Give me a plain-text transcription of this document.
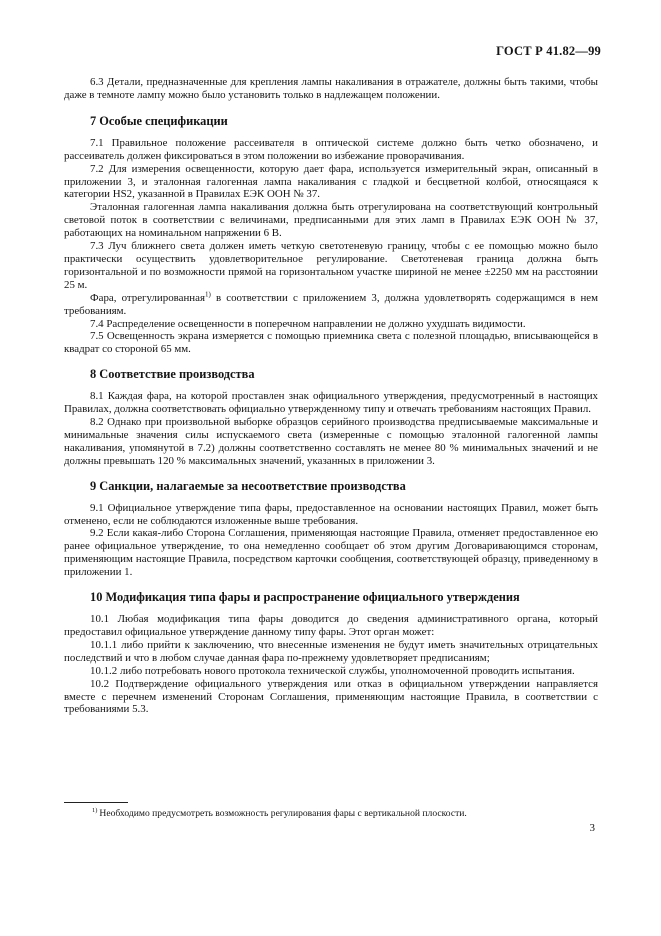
ГОСТ Р 41.82—99

6.3 Детали, предназначенные для крепления лампы накаливания в отражателе, должны быть такими, чтобы даже в темноте лампу можно было установить только в надлежащем положении.

7 Особые спецификации

7.1 Правильное положение рассеивателя в оптической системе должно быть четко обозначено, и рассеиватель должен фиксироваться в этом положении во избежание проворачивания.

7.2 Для измерения освещенности, которую дает фара, используется измерительный экран, описанный в приложении 3, и эталонная галогенная лампа накаливания с гладкой и бесцветной колбой, относящаяся к категории HS2, указанной в Правилах ЕЭК ООН № 37.

Эталонная галогенная лампа накаливания должна быть отрегулирована на соответствующий контрольный световой поток в соответствии с величинами, предписанными для этих ламп в Правилах ЕЭК ООН № 37, работающих на номинальном напряжении 6 В.

7.3 Луч ближнего света должен иметь четкую светотеневую границу, чтобы с ее помощью можно было практически осуществить удовлетворительное регулирование. Светотеневая граница должна быть горизонтальной и по возможности прямой на горизонтальном участке шириной не менее ±2250 мм на расстоянии 25 м.

Фара, отрегулированная$^{1)}$ в соответствии с приложением 3, должна удовлетворять содержащимся в нем требованиям.

7.4 Распределение освещенности в поперечном направлении не должно ухудшать видимости.

7.5 Освещенность экрана измеряется с помощью приемника света с полезной площадью, вписывающейся в квадрат со стороной 65 мм.

8 Соответствие производства

8.1 Каждая фара, на которой проставлен знак официального утверждения, предусмотренный в настоящих Правилах, должна соответствовать официально утвержденному типу и отвечать требованиям настоящих Правил.

8.2 Однако при произвольной выборке образцов серийного производства предписываемые максимальные и минимальные значения силы испускаемого света (измеренные с помощью эталонной галогенной лампы накаливания, упомянутой в 7.2) должны соответственно составлять не менее 80 % минимальных значений и не должны превышать 120 % максимальных значений, указанных в приложении 3.

9 Санкции, налагаемые за несоответствие производства

9.1 Официальное утверждение типа фары, предоставленное на основании настоящих Правил, может быть отменено, если не соблюдаются изложенные выше требования.

9.2 Если какая-либо Сторона Соглашения, применяющая настоящие Правила, отменяет предоставленное ею ранее официальное утверждение, то она немедленно сообщает об этом другим Договаривающимся сторонам, применяющим настоящие Правила, посредством карточки сообщения, соответствующей образцу, приведенному в приложении 1.

10 Модификация типа фары и распространение официального утверждения

10.1 Любая модификация типа фары доводится до сведения административного органа, который предоставил официальное утверждение данному типу фары. Этот орган может:

10.1.1 либо прийти к заключению, что внесенные изменения не будут иметь значительных отрицательных последствий и что в любом случае данная фара по-прежнему удовлетворяет предписаниям;

10.1.2 либо потребовать нового протокола технической службы, уполномоченной проводить испытания.

10.2 Подтверждение официального утверждения или отказ в официальном утверждении направляется вместе с перечнем изменений Сторонам Соглашения, применяющим настоящие Правила, в соответствии с требованиями 5.3.

$^{1)}$ Необходимо предусмотреть возможность регулирования фары с вертикальной плоскости.
3
